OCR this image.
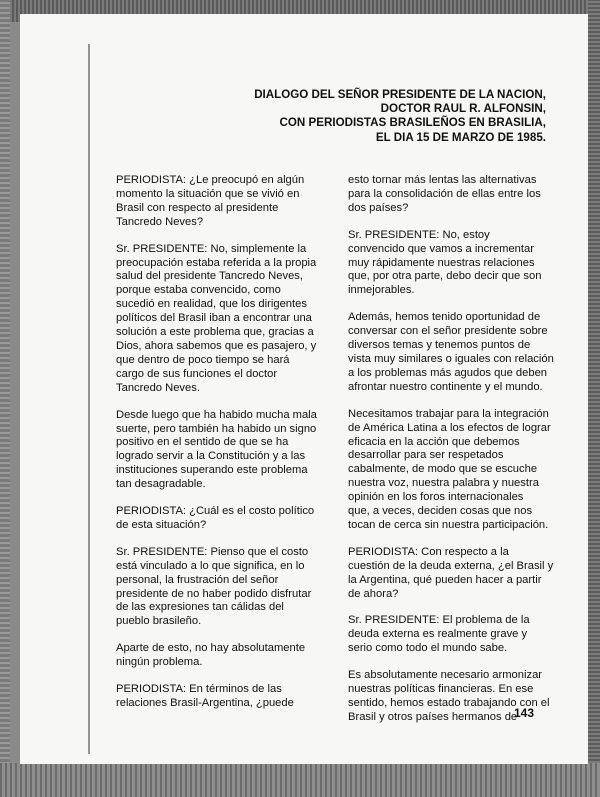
DIALOGO DEL SEÑOR PRESIDENTE DE LA NACION,
DOCTOR RAUL R. ALFONSIN,
CON PERIODISTAS BRASILEÑOS EN BRASILIA,
EL DIA 15 DE MARZO DE 1985.

PERIODISTA: ¿Le preocupó en algún
momento la situación que se vivió en
Brasil con respecto al presidente
Tancredo Neves?

Sr. PRESIDENTE: No, simplemente la
preocupación estaba referida a la propia
salud del presidente Tancredo Neves,
porque estaba convencido, como
sucedió en realidad, que los dirigentes
políticos del Brasil iban a encontrar una
solución a este problema que, gracias a
Dios, ahora sabemos que es pasajero, y
que dentro de poco tiempo se hará
cargo de sus funciones el doctor
Tancredo Neves.

Desde luego que ha habido mucha mala
suerte, pero también ha habido un signo
positivo en el sentido de que se ha
logrado servir a la Constitución y a las
instituciones superando este problema
tan desagradable.

PERIODISTA: ¿Cuál es el costo político
de esta situación?

Sr. PRESIDENTE: Pienso que el costo
está vinculado a lo que significa, en lo
personal, la frustración del señor
presidente de no haber podido disfrutar
de las expresiones tan cálidas del
pueblo brasileño.

Aparte de esto, no hay absolutamente
ningún problema.

PERIODISTA: En términos de las
relaciones Brasil-Argentina, ¿puede

esto tornar más lentas las alternativas
para la consolidación de ellas entre los
dos países?

Sr. PRESIDENTE: No, estoy
convencido que vamos a incrementar
muy rápidamente nuestras relaciones
que, por otra parte, debo decir que son
inmejorables.

Además, hemos tenido oportunidad de
conversar con el señor presidente sobre
diversos temas y tenemos puntos de
vista muy similares o iguales con relación
a los problemas más agudos que deben
afrontar nuestro continente y el mundo.

Necesitamos trabajar para la integración
de América Latina a los efectos de lograr
eficacia en la acción que debemos
desarrollar para ser respetados
cabalmente, de modo que se escuche
nuestra voz, nuestra palabra y nuestra
opinión en los foros internacionales
que, a veces, deciden cosas que nos
tocan de cerca sin nuestra participación.

PERIODISTA: Con respecto a la
cuestión de la deuda externa, ¿el Brasil y
la Argentina, qué pueden hacer a partir
de ahora?

Sr. PRESIDENTE: El problema de la
deuda externa es realmente grave y
serio como todo el mundo sabe.

Es absolutamente necesario armonizar
nuestras políticas financieras. En ese
sentido, hemos estado trabajando con el
Brasil y otros países hermanos de

143
